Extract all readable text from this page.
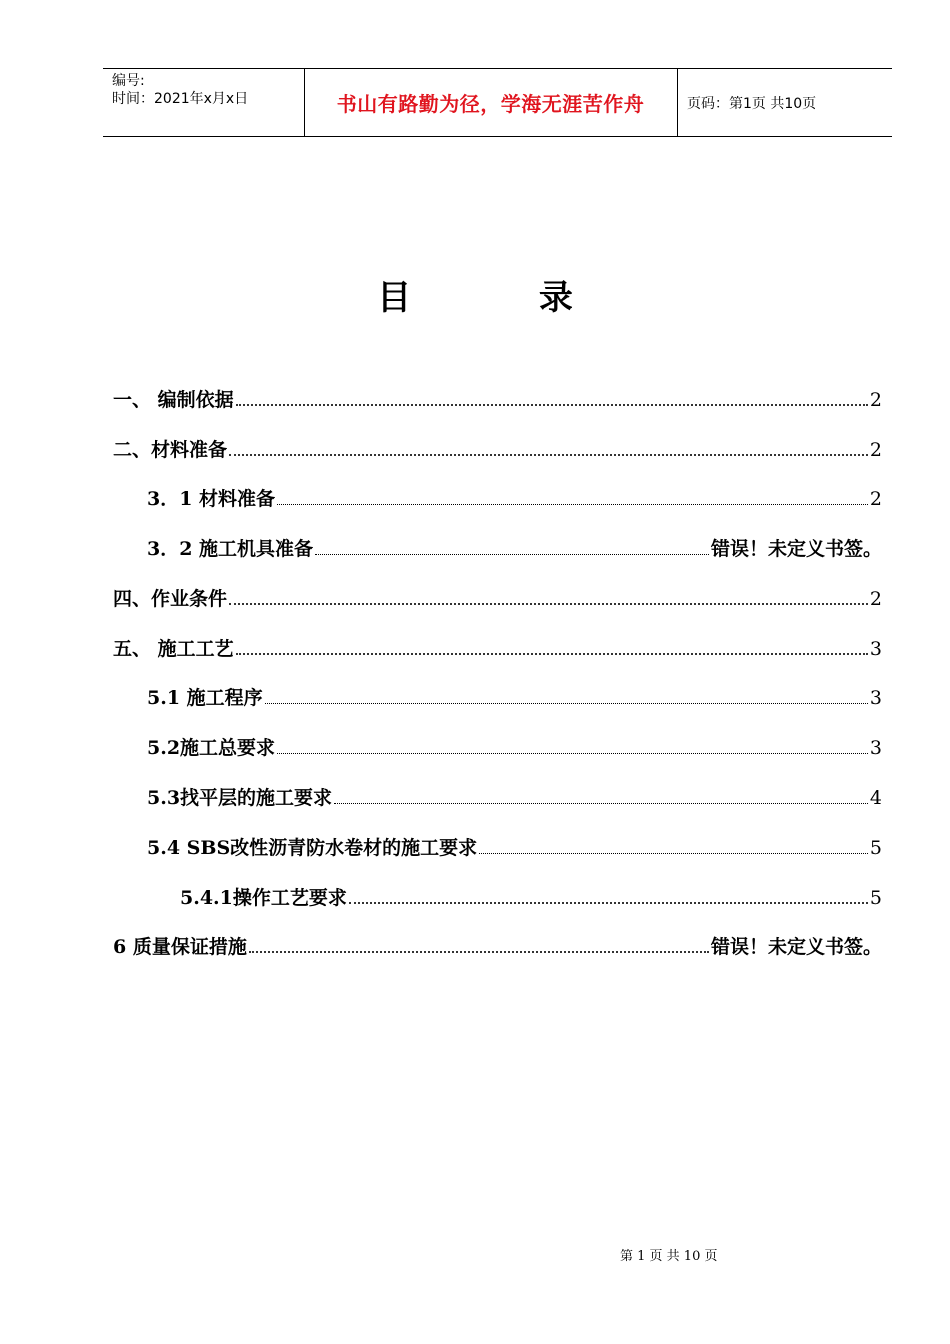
编号:
时间：2021年x月x日	书山有路勤为径，学海无涯苦作舟	页码：第1页 共10页
目 录
一、 编制依据	2
二、材料准备	2
3．1 材料准备	2
3．2 施工机具准备	错误！未定义书签。
四、作业条件	2
五、 施工工艺	3
5.1 施工程序	3
5.2施工总要求	3
5.3找平层的施工要求	4
5.4 SBS改性沥青防水卷材的施工要求	5
5.4.1操作工艺要求	5
6 质量保证措施	错误！未定义书签。
第 1 页 共 10 页
